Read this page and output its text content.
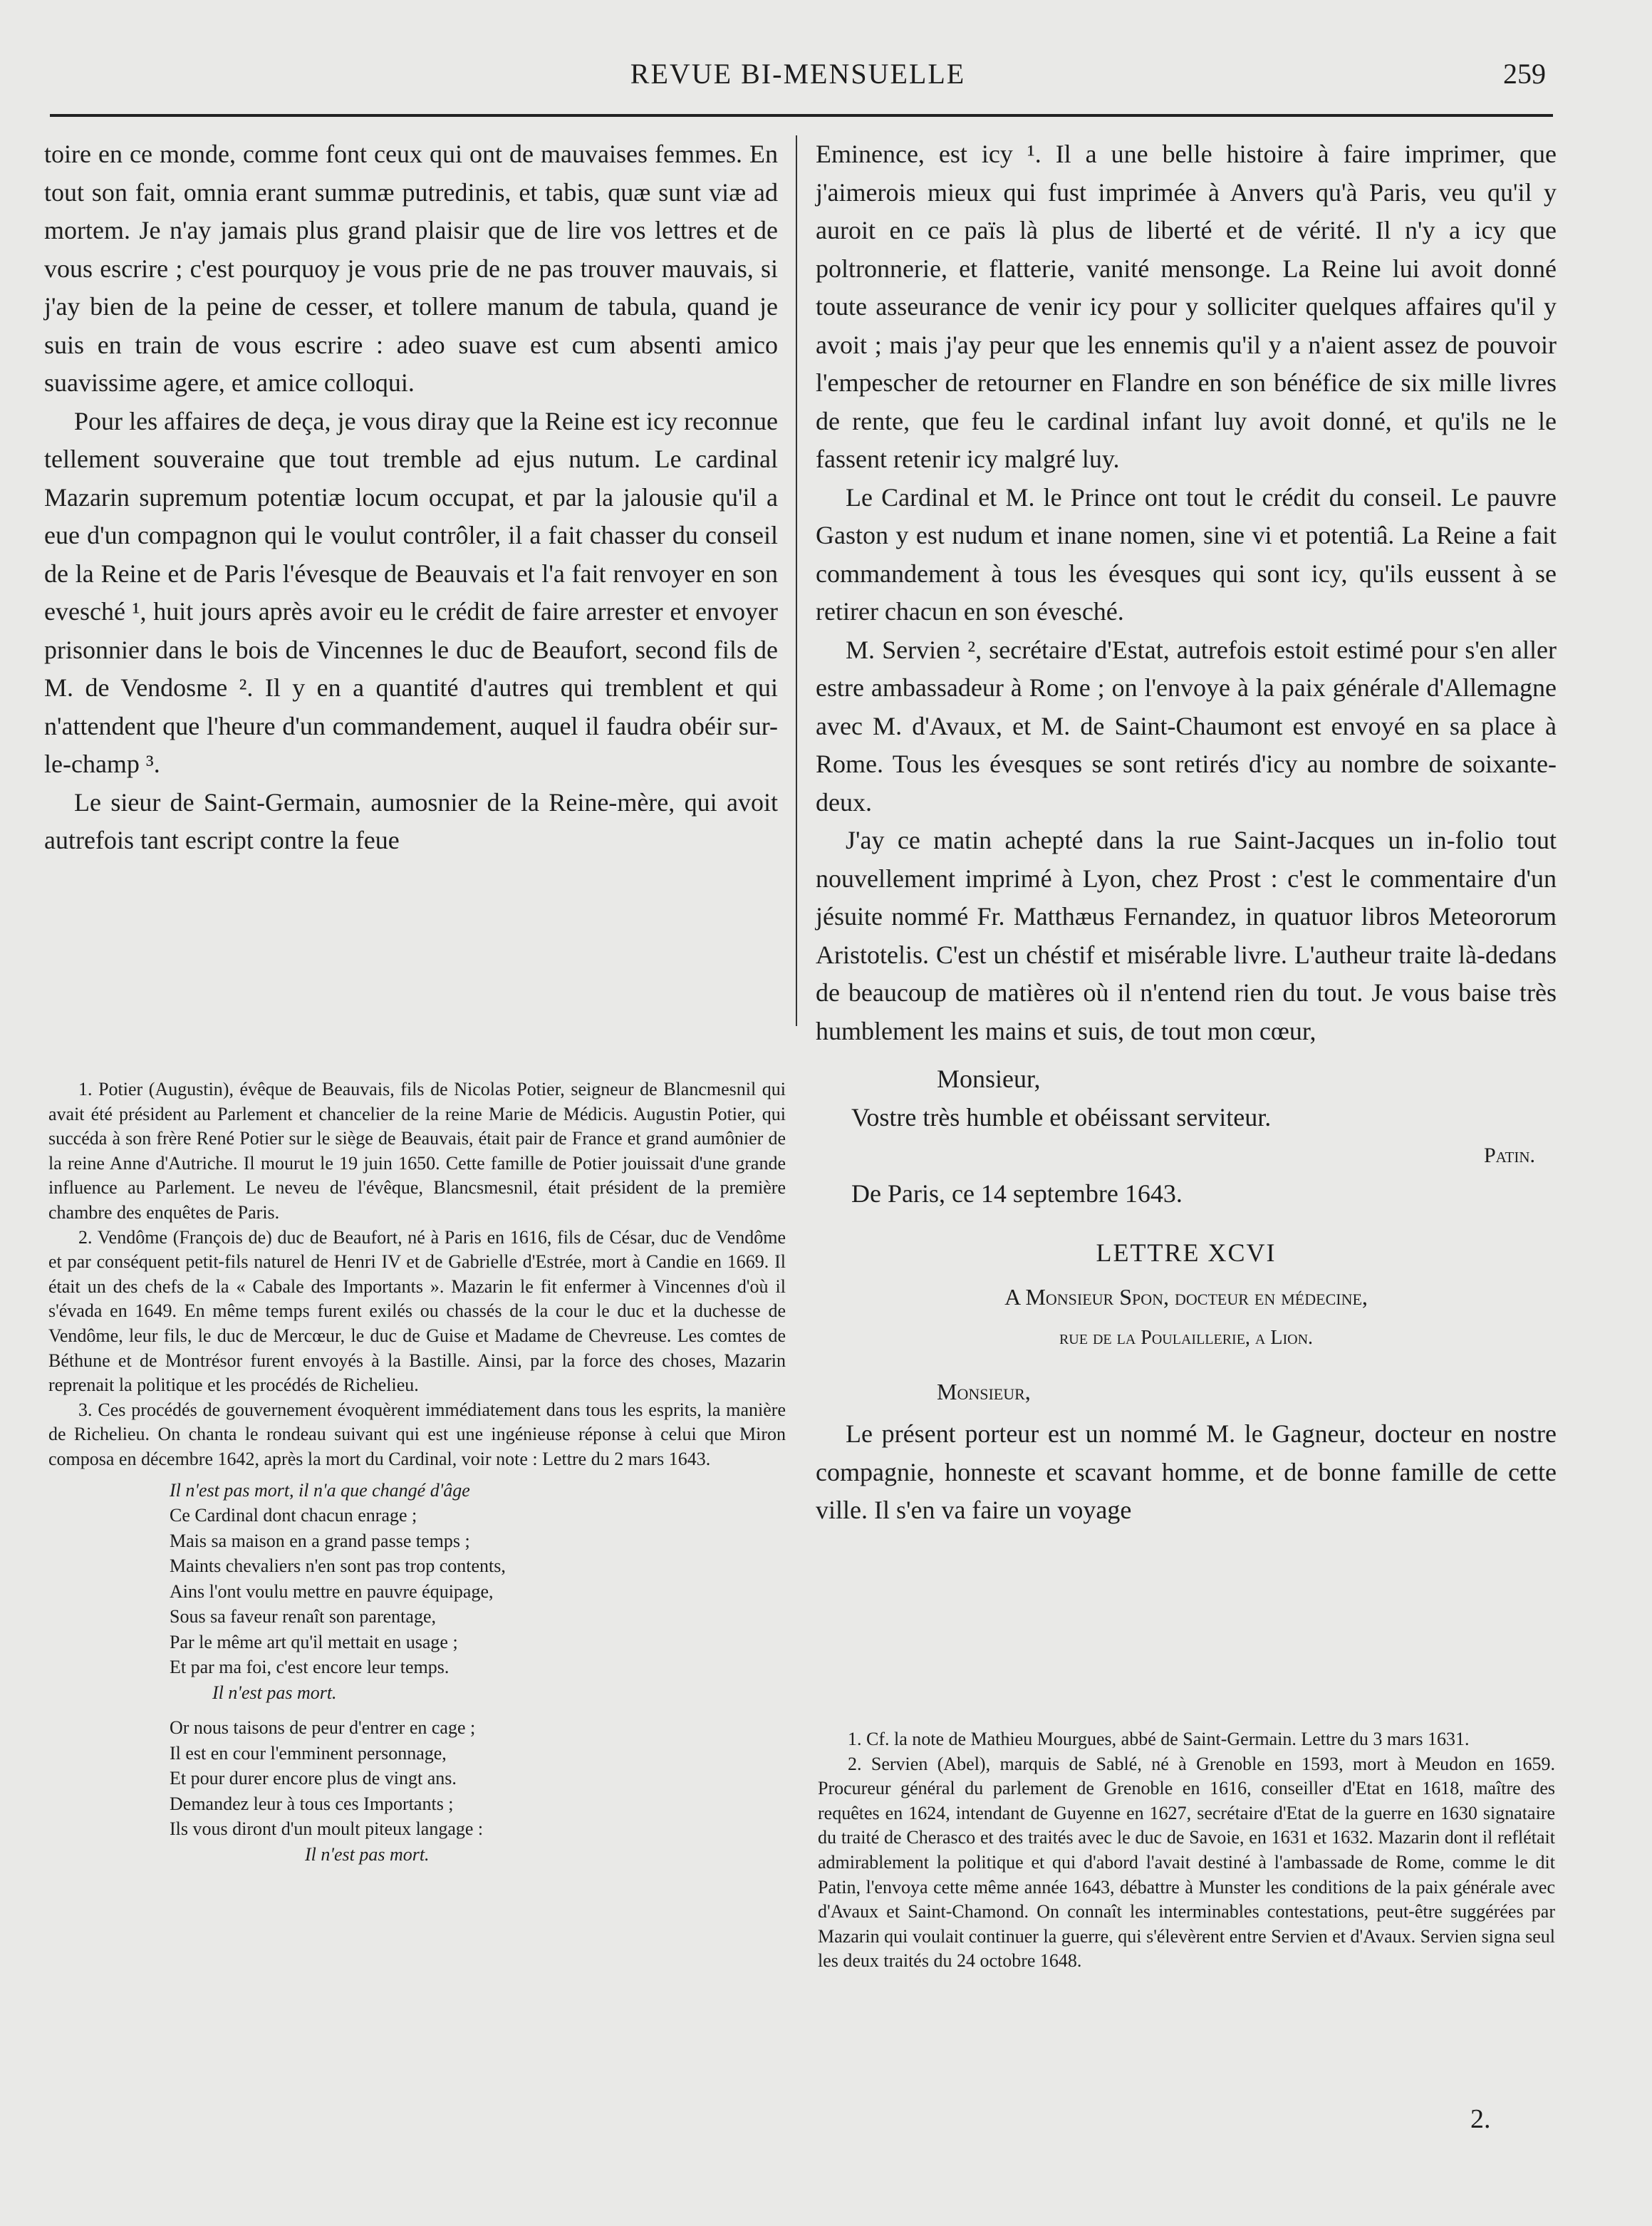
REVUE BI-MENSUELLE	259

toire en ce monde, comme font ceux qui ont de mauvaises femmes. En tout son fait, omnia erant summæ putredinis, et tabis, quæ sunt viæ ad mortem. Je n'ay jamais plus grand plaisir que de lire vos lettres et de vous escrire ; c'est pourquoy je vous prie de ne pas trouver mauvais, si j'ay bien de la peine de cesser, et tollere manum de tabula, quand je suis en train de vous escrire : adeo suave est cum absenti amico suavissime agere, et amice colloqui.

Pour les affaires de deça, je vous diray que la Reine est icy reconnue tellement souveraine que tout tremble ad ejus nutum. Le cardinal Mazarin supremum potentiæ locum occupat, et par la jalousie qu'il a eue d'un compagnon qui le voulut contrôler, il a fait chasser du conseil de la Reine et de Paris l'évesque de Beauvais et l'a fait renvoyer en son evesché ¹, huit jours après avoir eu le crédit de faire arrester et envoyer prisonnier dans le bois de Vincennes le duc de Beaufort, second fils de M. de Vendosme ². Il y en a quantité d'autres qui tremblent et qui n'attendent que l'heure d'un commandement, auquel il faudra obéir sur-le-champ ³.

Le sieur de Saint-Germain, aumosnier de la Reine-mère, qui avoit autrefois tant escript contre la feue

Eminence, est icy ¹. Il a une belle histoire à faire imprimer, que j'aimerois mieux qui fust imprimée à Anvers qu'à Paris, veu qu'il y auroit en ce païs là plus de liberté et de vérité. Il n'y a icy que poltronnerie, et flatterie, vanité mensonge. La Reine lui avoit donné toute asseurance de venir icy pour y solliciter quelques affaires qu'il y avoit ; mais j'ay peur que les ennemis qu'il y a n'aient assez de pouvoir l'empescher de retourner en Flandre en son bénéfice de six mille livres de rente, que feu le cardinal infant luy avoit donné, et qu'ils ne le fassent retenir icy malgré luy.

Le Cardinal et M. le Prince ont tout le crédit du conseil. Le pauvre Gaston y est nudum et inane nomen, sine vi et potentiâ. La Reine a fait commandement à tous les évesques qui sont icy, qu'ils eussent à se retirer chacun en son évesché.

M. Servien ², secrétaire d'Estat, autrefois estoit estimé pour s'en aller estre ambassadeur à Rome ; on l'envoye à la paix générale d'Allemagne avec M. d'Avaux, et M. de Saint-Chaumont est envoyé en sa place à Rome. Tous les évesques se sont retirés d'icy au nombre de soixante-deux.

J'ay ce matin achepté dans la rue Saint-Jacques un in-folio tout nouvellement imprimé à Lyon, chez Prost : c'est le commentaire d'un jésuite nommé Fr. Matthæus Fernandez, in quatuor libros Meteororum Aristotelis. C'est un chéstif et misérable livre. L'autheur traite là-dedans de beaucoup de matières où il n'entend rien du tout. Je vous baise très humblement les mains et suis, de tout mon cœur,

Monsieur,
Vostre très humble et obéissant serviteur.
Patin.
De Paris, ce 14 septembre 1643.
LETTRE XCVI
A Monsieur Spon, docteur en médecine,
rue de la Poulaillerie, a Lion.
Monsieur,

Le présent porteur est un nommé M. le Gagneur, docteur en nostre compagnie, honneste et scavant homme, et de bonne famille de cette ville. Il s'en va faire un voyage

1. Potier (Augustin), évêque de Beauvais, fils de Nicolas Potier, seigneur de Blancmesnil qui avait été président au Parlement et chancelier de la reine Marie de Médicis. Augustin Potier, qui succéda à son frère René Potier sur le siège de Beauvais, était pair de France et grand aumônier de la reine Anne d'Autriche. Il mourut le 19 juin 1650. Cette famille de Potier jouissait d'une grande influence au Parlement. Le neveu de l'évêque, Blancsmesnil, était président de la première chambre des enquêtes de Paris.

2. Vendôme (François de) duc de Beaufort, né à Paris en 1616, fils de César, duc de Vendôme et par conséquent petit-fils naturel de Henri IV et de Gabrielle d'Estrée, mort à Candie en 1669. Il était un des chefs de la « Cabale des Importants ». Mazarin le fit enfermer à Vincennes d'où il s'évada en 1649. En même temps furent exilés ou chassés de la cour le duc et la duchesse de Vendôme, leur fils, le duc de Mercœur, le duc de Guise et Madame de Chevreuse. Les comtes de Béthune et de Montrésor furent envoyés à la Bastille. Ainsi, par la force des choses, Mazarin reprenait la politique et les procédés de Richelieu.

3. Ces procédés de gouvernement évoquèrent immédiatement dans tous les esprits, la manière de Richelieu. On chanta le rondeau suivant qui est une ingénieuse réponse à celui que Miron composa en décembre 1642, après la mort du Cardinal, voir note : Lettre du 2 mars 1643.

Il n'est pas mort, il n'a que changé d'âge
Ce Cardinal dont chacun enrage ;
Mais sa maison en a grand passe temps ;
Maints chevaliers n'en sont pas trop contents,
Ains l'ont voulu mettre en pauvre équipage,
Sous sa faveur renaît son parentage,
Par le même art qu'il mettait en usage ;
Et par ma foi, c'est encore leur temps.
Il n'est pas mort.
Or nous taisons de peur d'entrer en cage ;
Il est en cour l'emminent personnage,
Et pour durer encore plus de vingt ans.
Demandez leur à tous ces Importants ;
Ils vous diront d'un moult piteux langage :
Il n'est pas mort.

1. Cf. la note de Mathieu Mourgues, abbé de Saint-Germain. Lettre du 3 mars 1631.

2. Servien (Abel), marquis de Sablé, né à Grenoble en 1593, mort à Meudon en 1659. Procureur général du parlement de Grenoble en 1616, conseiller d'Etat en 1618, maître des requêtes en 1624, intendant de Guyenne en 1627, secrétaire d'Etat de la guerre en 1630 signataire du traité de Cherasco et des traités avec le duc de Savoie, en 1631 et 1632. Mazarin dont il reflétait admirablement la politique et qui d'abord l'avait destiné à l'ambassade de Rome, comme le dit Patin, l'envoya cette même année 1643, débattre à Munster les conditions de la paix générale avec d'Avaux et Saint-Chamond. On connaît les interminables contestations, peut-être suggérées par Mazarin qui voulait continuer la guerre, qui s'élevèrent entre Servien et d'Avaux. Servien signa seul les deux traités du 24 octobre 1648.

2.
